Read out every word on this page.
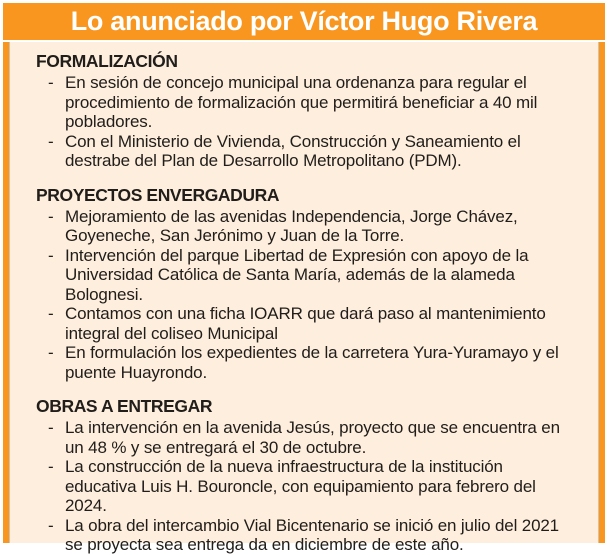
Lo anunciado por Víctor Hugo Rivera
FORMALIZACIÓN
- En sesión de concejo municipal una ordenanza para regular el procedimiento de formalización que permitirá beneficiar a 40 mil pobladores.
- Con el Ministerio de Vivienda, Construcción y Saneamiento el destrabe del Plan de Desarrollo Metropolitano (PDM).
PROYECTOS ENVERGADURA
- Mejoramiento de las avenidas Independencia, Jorge Chávez, Goyeneche, San Jerónimo y Juan de la Torre.
- Intervención del parque Libertad de Expresión con apoyo de la Universidad Católica de Santa María, además de la alameda Bolognesi.
- Contamos con una ficha IOARR que dará paso al mantenimiento integral del coliseo Municipal
- En formulación los expedientes de la carretera Yura-Yuramayo y el puente Huayrondo.
OBRAS A ENTREGAR
- La intervención en la avenida Jesús, proyecto que se encuentra en un 48 % y se entregará el 30 de octubre.
- La construcción de la nueva infraestructura de la institución educativa Luis H. Bouroncle, con equipamiento para febrero del 2024.
- La obra del intercambio Vial Bicentenario se inició en julio del 2021 se proyecta sea entrega da en diciembre de este año.
